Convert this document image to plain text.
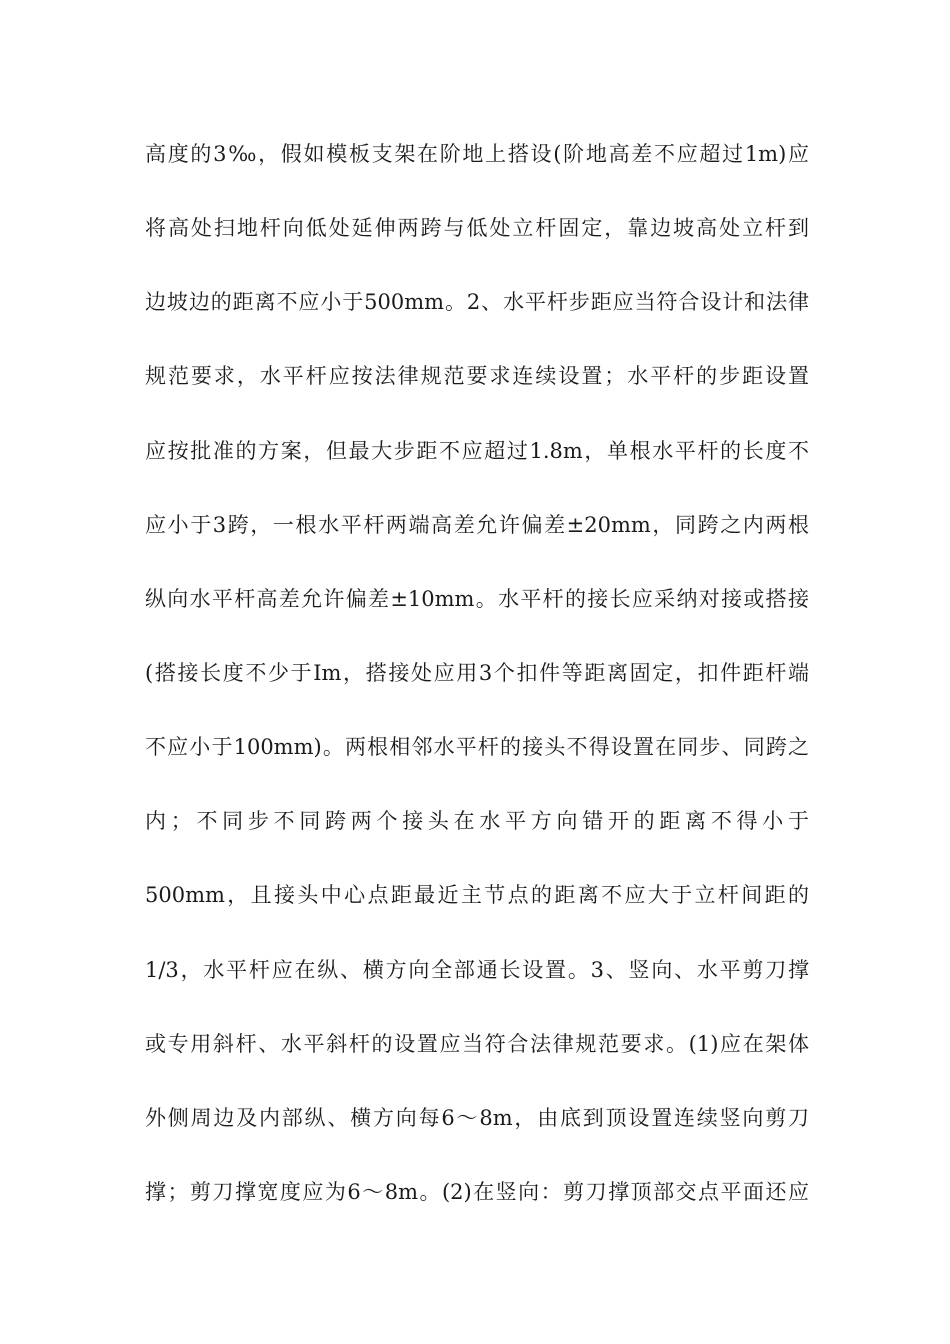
高度的3‰，假如模板支架在阶地上搭设(阶地高差不应超过1m)应
将高处扫地杆向低处延伸两跨与低处立杆固定，靠边坡高处立杆到
边坡边的距离不应小于500mm。2、水平杆步距应当符合设计和法律
规范要求，水平杆应按法律规范要求连续设置；水平杆的步距设置
应按批准的方案，但最大步距不应超过1.8m，单根水平杆的长度不
应小于3跨，一根水平杆两端高差允许偏差±20mm，同跨之内两根
纵向水平杆高差允许偏差±10mm。水平杆的接长应采纳对接或搭接
(搭接长度不少于Im，搭接处应用3个扣件等距离固定，扣件距杆端
不应小于100mm)。两根相邻水平杆的接头不得设置在同步、同跨之
内；不同步不同跨两个接头在水平方向错开的距离不得小于
500mm，且接头中心点距最近主节点的距离不应大于立杆间距的
1/3，水平杆应在纵、横方向全部通长设置。3、竖向、水平剪刀撑
或专用斜杆、水平斜杆的设置应当符合法律规范要求。(1)应在架体
外侧周边及内部纵、横方向每6～8m，由底到顶设置连续竖向剪刀
撑；剪刀撑宽度应为6～8m。(2)在竖向：剪刀撑顶部交点平面还应
